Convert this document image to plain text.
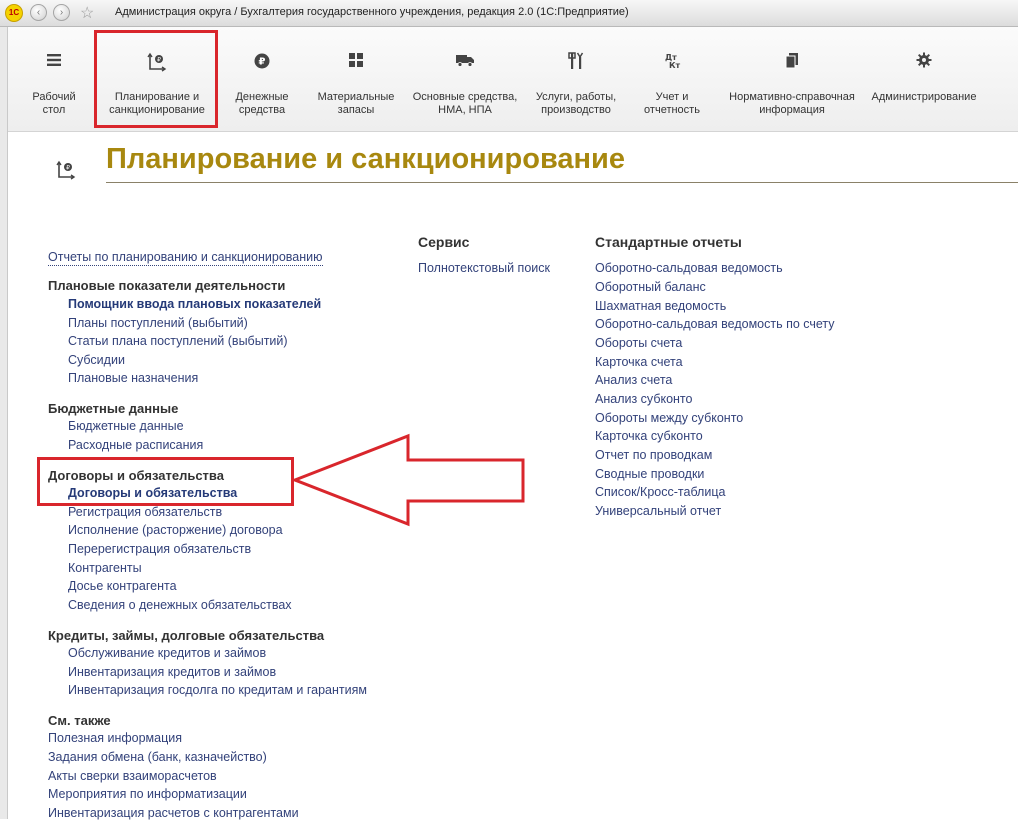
1С	‹	›	☆ Администрация округа / Бухгалтерия государственного учреждения, редакция 2.0 (1С:Предприятие)
Рабочий
стол
₽
Планирование и
санкционирование
₽
Денежные
средства
Материальные
запасы
Основные средства,
НМА, НПА
Услуги, работы,
производство
Дт
Кт
Учет и
отчетность
Нормативно-справочная
информация
Администрирование
₽ Планирование и санкционирование
Отчеты по планированию и санкционированию
Плановые показатели деятельности
Помощник ввода плановых показателей
Планы поступлений (выбытий)
Статьи плана поступлений (выбытий)
Субсидии
Плановые назначения
Бюджетные данные
Бюджетные данные
Расходные расписания
Договоры и обязательства
Договоры и обязательства
Регистрация обязательств
Исполнение (расторжение) договора
Перерегистрация обязательств
Контрагенты
Досье контрагента
Сведения о денежных обязательствах
Кредиты, займы, долговые обязательства
Обслуживание кредитов и займов
Инвентаризация кредитов и займов
Инвентаризация госдолга по кредитам и гарантиям
См. также
Полезная информация
Задания обмена (банк, казначейство)
Акты сверки взаиморасчетов
Мероприятия по информатизации
Инвентаризация расчетов с контрагентами
Сервис
Полнотекстовый поиск
Стандартные отчеты
Оборотно-сальдовая ведомость
Оборотный баланс
Шахматная ведомость
Оборотно-сальдовая ведомость по счету
Обороты счета
Карточка счета
Анализ счета
Анализ субконто
Обороты между субконто
Карточка субконто
Отчет по проводкам
Сводные проводки
Список/Кросс-таблица
Универсальный отчет
